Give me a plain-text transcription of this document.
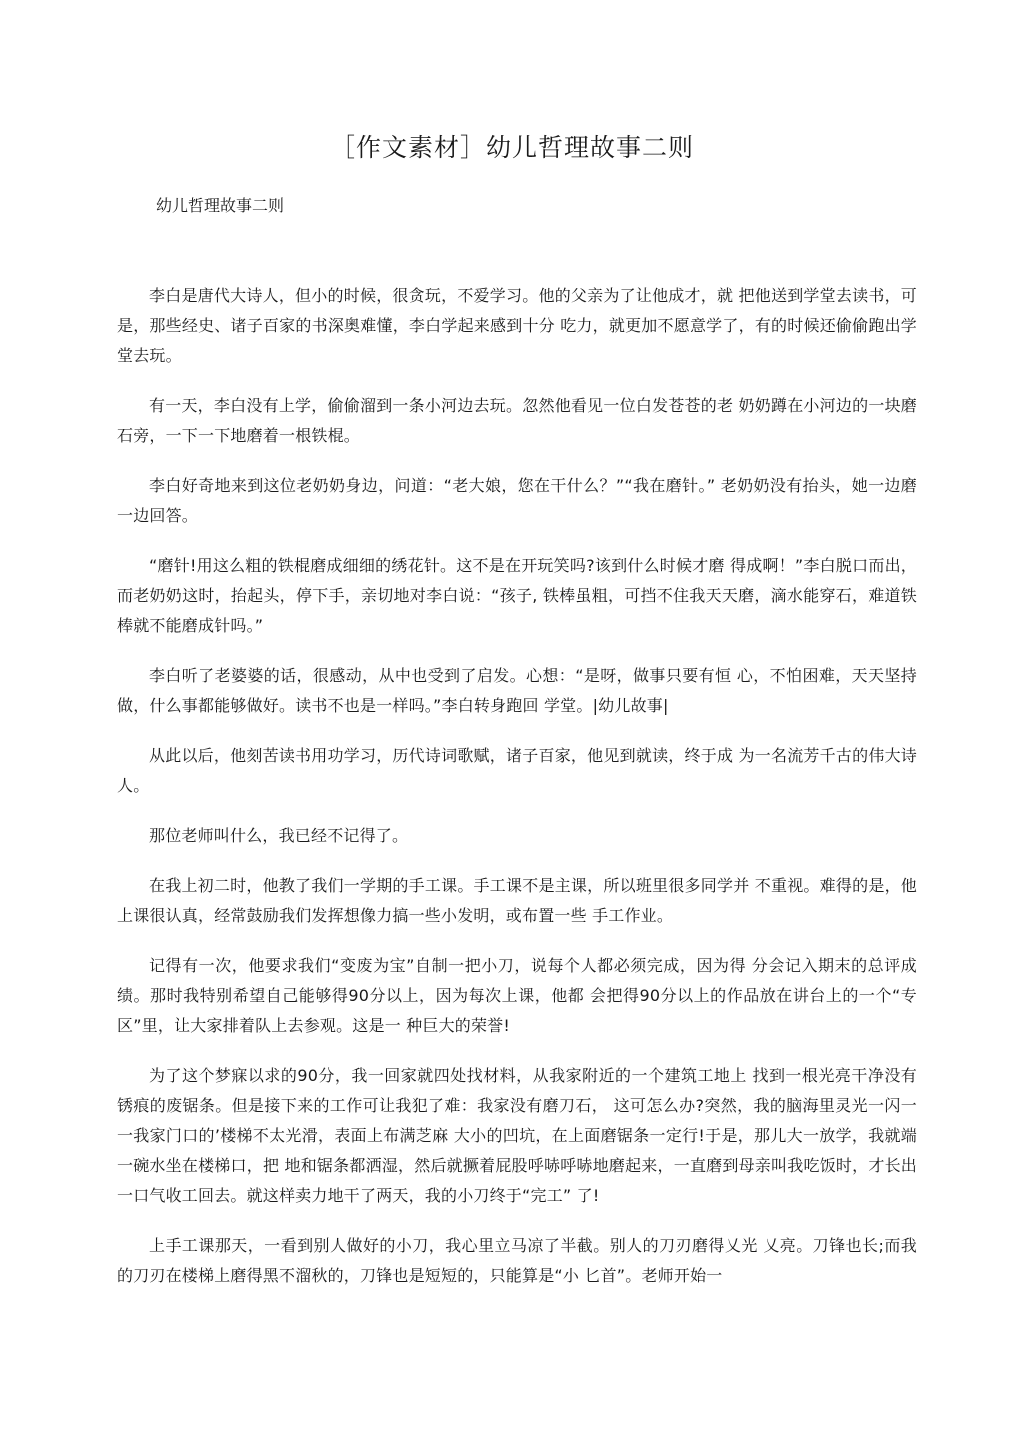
［作文素材］幼儿哲理故事二则

幼儿哲理故事二则

李白是唐代大诗人，但小的时候，很贪玩，不爱学习。他的父亲为了让他成才，就 把他送到学堂去读书，可是，那些经史、诸子百家的书深奥难懂，李白学起来感到十分 吃力，就更加不愿意学了，有的时候还偷偷跑出学堂去玩。

有一天，李白没有上学，偷偷溜到一条小河边去玩。忽然他看见一位白发苍苍的老 奶奶蹲在小河边的一块磨石旁，一下一下地磨着一根铁棍。

李白好奇地来到这位老奶奶身边，问道：“老大娘，您在干什么？”“我在磨针。” 老奶奶没有抬头，她一边磨一边回答。

“磨针!用这么粗的铁棍磨成细细的绣花针。这不是在开玩笑吗?该到什么时候才磨 得成啊！”李白脱口而出，而老奶奶这时，抬起头，停下手，亲切地对李白说：“孩子, 铁棒虽粗，可挡不住我天天磨，滴水能穿石，难道铁棒就不能磨成针吗。”

李白听了老婆婆的话，很感动，从中也受到了启发。心想：“是呀，做事只要有恒 心，不怕困难，天天坚持做，什么事都能够做好。读书不也是一样吗。”李白转身跑回 学堂。|幼儿故事|

从此以后，他刻苦读书用功学习，历代诗词歌赋，诸子百家，他见到就读，终于成 为一名流芳千古的伟大诗人。

那位老师叫什么，我已经不记得了。

在我上初二时，他教了我们一学期的手工课。手工课不是主课，所以班里很多同学并 不重视。难得的是，他上课很认真，经常鼓励我们发挥想像力搞一些小发明，或布置一些 手工作业。

记得有一次，他要求我们“变废为宝”自制一把小刀，说每个人都必须完成，因为得 分会记入期末的总评成绩。那时我特别希望自己能够得90分以上，因为每次上课，他都 会把得90分以上的作品放在讲台上的一个“专区”里，让大家排着队上去参观。这是一 种巨大的荣誉!

为了这个梦寐以求的90分，我一回家就四处找材料，从我家附近的一个建筑工地上 找到一根光亮干净没有锈痕的废锯条。但是接下来的工作可让我犯了难：我家没有磨刀石， 这可怎么办?突然，我的脑海里灵光一闪一一我家门口的’楼梯不太光滑，表面上布满芝麻 大小的凹坑，在上面磨锯条一定行!于是，那儿大一放学，我就端一碗水坐在楼梯口，把 地和锯条都洒湿，然后就撅着屁股呼哧呼哧地磨起来，一直磨到母亲叫我吃饭时，才长出 一口气收工回去。就这样卖力地干了两天，我的小刀终于“完工” 了!

上手工课那天，一看到别人做好的小刀，我心里立马凉了半截。别人的刀刃磨得乂光 乂亮。刀锋也长;而我的刀刃在楼梯上磨得黑不溜秋的，刀锋也是短短的，只能算是“小 匕首”。老师开始一
